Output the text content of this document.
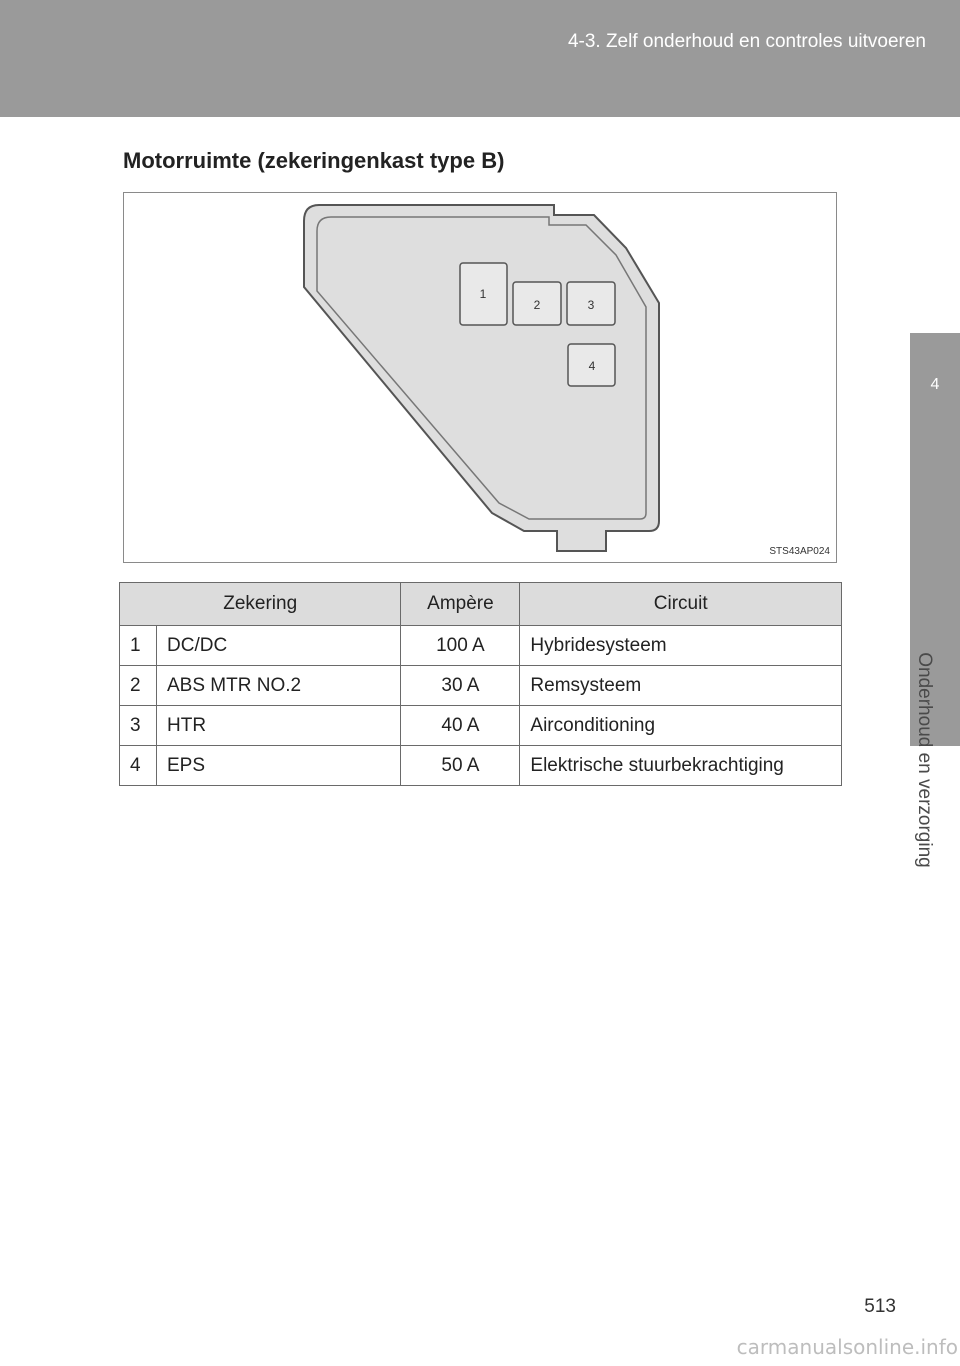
4-3. Zelf onderhoud en controles uitvoeren
4
Onderhoud en verzorging
Motorruimte (zekeringenkast type B)
1
2	3
4
STS43AP024
Zekering		Ampère	Circuit
1	DC/DC	100 A	Hybridesysteem
2	ABS MTR NO.2	30 A	Remsysteem
3	HTR	40 A	Airconditioning
4	EPS	50 A	Elektrische stuurbekrachtiging
513
carmanualsonline.info
